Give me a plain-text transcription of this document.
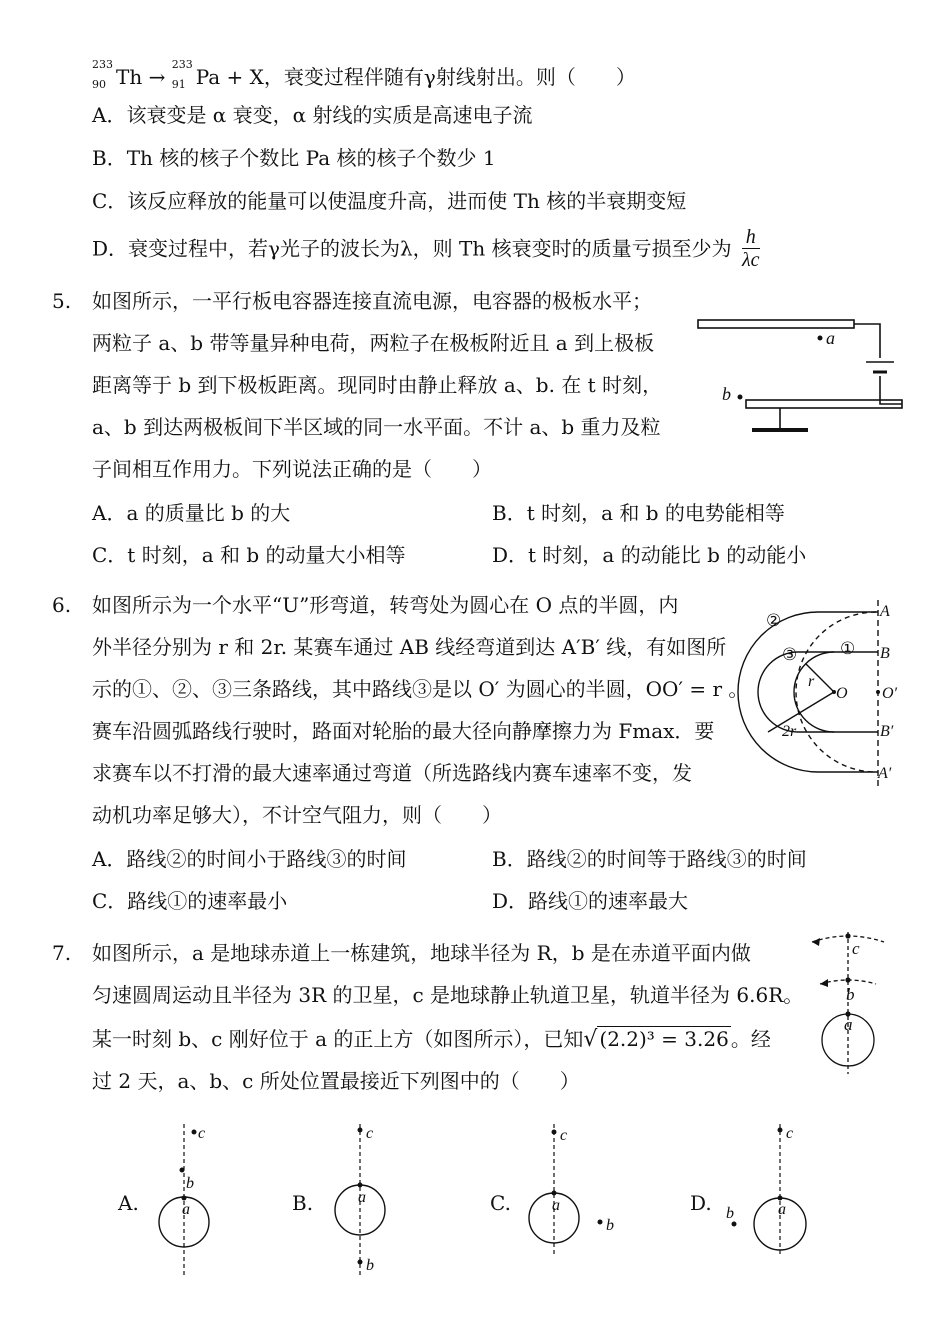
233
90 Th →
233
91 Pa + X，衰变过程伴随有γ射线射出。则（　　）
A．该衰变是 α 衰变，α 射线的实质是高速电子流
B．Th 核的核子个数比 Pa 核的核子个数少 1
C．该反应释放的能量可以使温度升高，进而使 Th 核的半衰期变短
D．衰变过程中，若γ光子的波长为λ，则 Th 核衰变时的质量亏损至少为 $\frac{h}{\lambda c}$
5. 如图所示，一平行板电容器连接直流电源，电容器的极板水平；
两粒子 a、b 带等量异种电荷，两粒子在极板附近且 a 到上极板
距离等于 b 到下极板距离。现同时由静止释放 a、b. 在 t 时刻，
a、b 到达两极板间下半区域的同一水平面。不计 a、b 重力及粒
子间相互作用力。下列说法正确的是（　　）
A．a 的质量比 b 的大	B．t 时刻，a 和 b 的电势能相等
C．t 时刻，a 和 b 的动量大小相等	D．t 时刻，a 的动能比 b 的动能小
a
b
6. 如图所示为一个水平“U”形弯道，转弯处为圆心在 O 点的半圆，内
外半径分别为 r 和 2r. 某赛车通过 AB 线经弯道到达 A′B′ 线，有如图所
示的①、②、③三条路线，其中路线③是以 O′ 为圆心的半圆，OO′ = r 。
赛车沿圆弧路线行驶时，路面对轮胎的最大径向静摩擦力为 Fmax．要
求赛车以不打滑的最大速率通过弯道（所选路线内赛车速率不变，发
动机功率足够大），不计空气阻力，则（　　）
A．路线②的时间小于路线③的时间	B．路线②的时间等于路线③的时间
C．路线①的速率最小	D．路线①的速率最大
A
B
O O′
B′
A′
r
2r
①
②
③
7. 如图所示，a 是地球赤道上一栋建筑，地球半径为 R，b 是在赤道平面内做
匀速圆周运动且半径为 3R 的卫星，c 是地球静止轨道卫星，轨道半径为 6.6R。
某一时刻 b、c 刚好位于 a 的正上方（如图所示），已知√ (2.2)³ = 3.26 。经
过 2 天，a、b、c 所处位置最接近下列图中的（　　）
c
b
a
A.
c
b
a	B.
c
a
b
C.
c
a
b
D.
c
a
b
